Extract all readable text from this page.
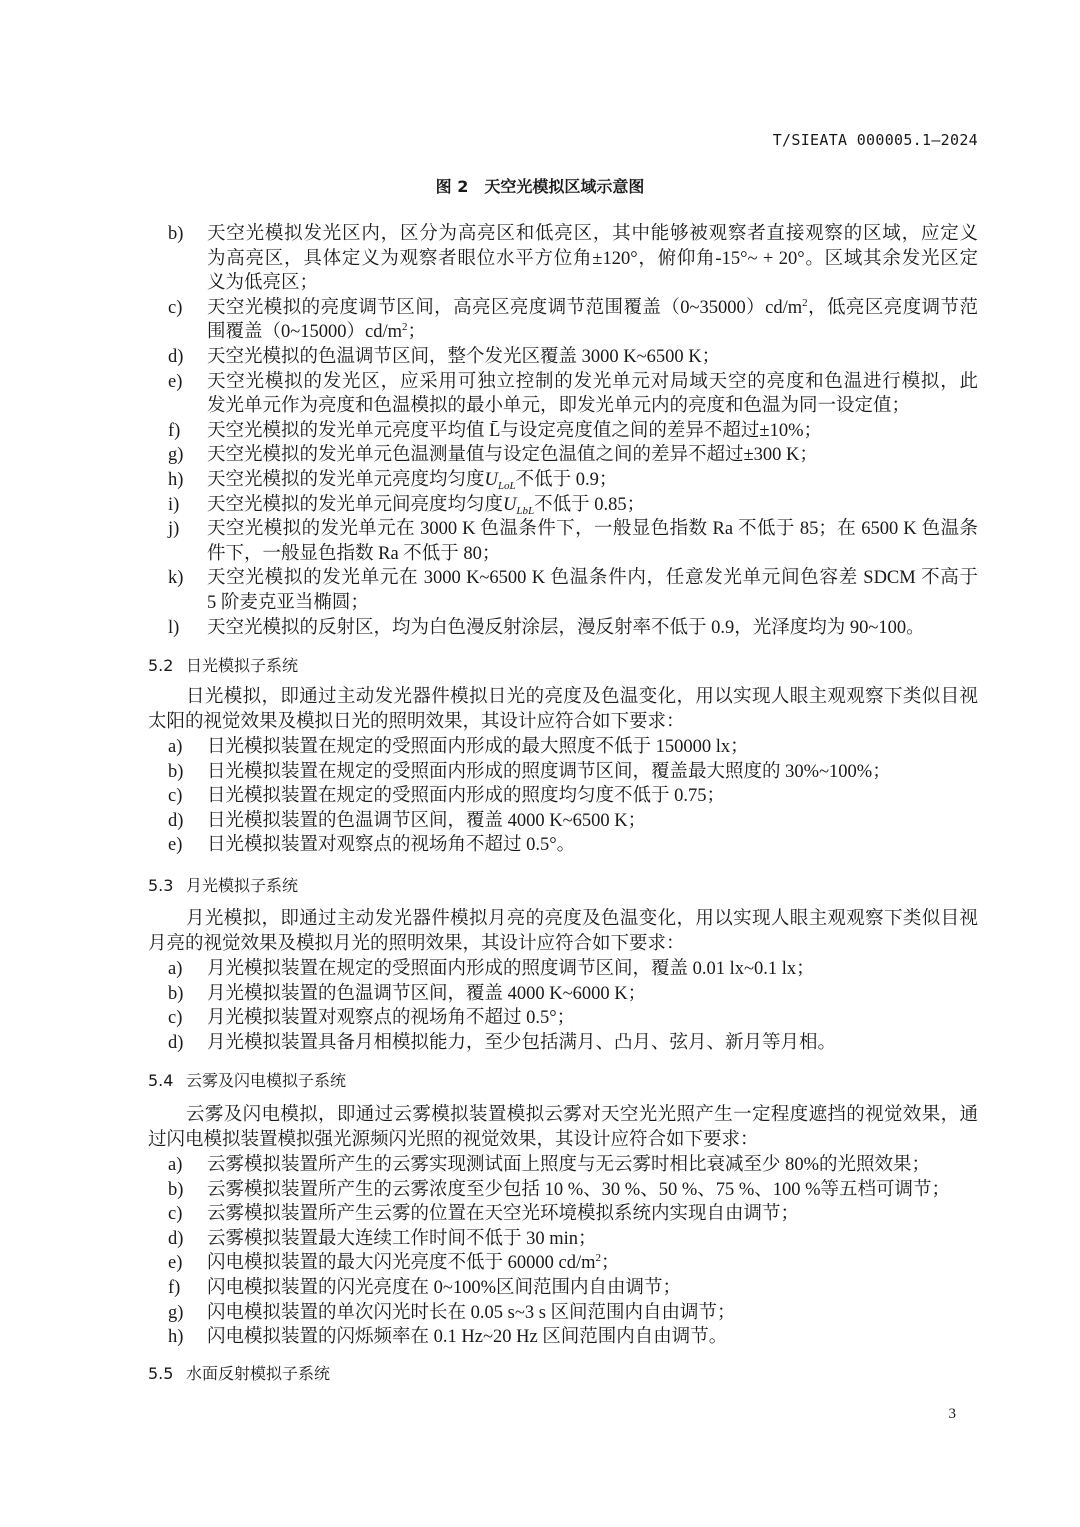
T/SIEATA 000005.1—2024
图 2　天空光模拟区域示意图
b)	天空光模拟发光区内，区分为高亮区和低亮区，其中能够被观察者直接观察的区域，应定义
为高亮区，具体定义为观察者眼位水平方位角±120°，俯仰角-15°~ + 20°。区域其余发光区定
义为低亮区；
c)	天空光模拟的亮度调节区间，高亮区亮度调节范围覆盖$(0\sim 35000)cd/m^2$，低亮区亮度调节范
围覆盖$(0\sim 15000)cd/m^2$；
d)	天空光模拟的色温调节区间，整个发光区覆盖 3000 K~6500 K；
e)	天空光模拟的发光区，应采用可独立控制的发光单元对局域天空的亮度和色温进行模拟，此
发光单元作为亮度和色温模拟的最小单元，即发光单元内的亮度和色温为同一设定值；
f)	天空光模拟的发光单元亮度平均值 L̄与设定亮度值之间的差异不超过±10%；
g)	天空光模拟的发光单元色温测量值与设定色温值之间的差异不超过±300 K；
h)	天空光模拟的发光单元亮度均匀度$U_{LoL}$不低于 0.9；
i)	天空光模拟的发光单元间亮度均匀度$U_{LbL}$不低于 0.85；
j)	天空光模拟的发光单元在 3000 K 色温条件下，一般显色指数 Ra 不低于 85；在 6500 K 色温条
件下，一般显色指数 Ra 不低于 80；
k)	天空光模拟的发光单元在 3000 K~6500 K 色温条件内，任意发光单元间色容差 SDCM 不高于
5 阶麦克亚当椭圆；
l)	天空光模拟的反射区，均为白色漫反射涂层，漫反射率不低于 0.9，光泽度均为 90~100。
5.2 日光模拟子系统
日光模拟，即通过主动发光器件模拟日光的亮度及色温变化，用以实现人眼主观观察下类似目视
太阳的视觉效果及模拟日光的照明效果，其设计应符合如下要求：
a)	日光模拟装置在规定的受照面内形成的最大照度不低于 150000 lx；
b)	日光模拟装置在规定的受照面内形成的照度调节区间，覆盖最大照度的 30%~100%；
c)	日光模拟装置在规定的受照面内形成的照度均匀度不低于 0.75；
d)	日光模拟装置的色温调节区间，覆盖 4000 K~6500 K；
e)	日光模拟装置对观察点的视场角不超过 0.5°。
5.3 月光模拟子系统
月光模拟，即通过主动发光器件模拟月亮的亮度及色温变化，用以实现人眼主观观察下类似目视
月亮的视觉效果及模拟月光的照明效果，其设计应符合如下要求：
a)	月光模拟装置在规定的受照面内形成的照度调节区间，覆盖 0.01 lx~0.1 lx；
b)	月光模拟装置的色温调节区间，覆盖 4000 K~6000 K；
c)	月光模拟装置对观察点的视场角不超过 0.5°；
d)	月光模拟装置具备月相模拟能力，至少包括满月、凸月、弦月、新月等月相。
5.4 云雾及闪电模拟子系统
云雾及闪电模拟，即通过云雾模拟装置模拟云雾对天空光光照产生一定程度遮挡的视觉效果，通
过闪电模拟装置模拟强光源频闪光照的视觉效果，其设计应符合如下要求：
a)	云雾模拟装置所产生的云雾实现测试面上照度与无云雾时相比衰减至少 80%的光照效果；
b)	云雾模拟装置所产生的云雾浓度至少包括 10 %、30 %、50 %、75 %、100 %等五档可调节；
c)	云雾模拟装置所产生云雾的位置在天空光环境模拟系统内实现自由调节；
d)	云雾模拟装置最大连续工作时间不低于 30 min；
e)	闪电模拟装置的最大闪光亮度不低于 60000 $cd/m^2$；
f)	闪电模拟装置的闪光亮度在 0~100%区间范围内自由调节；
g)	闪电模拟装置的单次闪光时长在 0.05 s~3 s 区间范围内自由调节；
h)	闪电模拟装置的闪烁频率在 0.1 Hz~20 Hz 区间范围内自由调节。
5.5 水面反射模拟子系统
3
